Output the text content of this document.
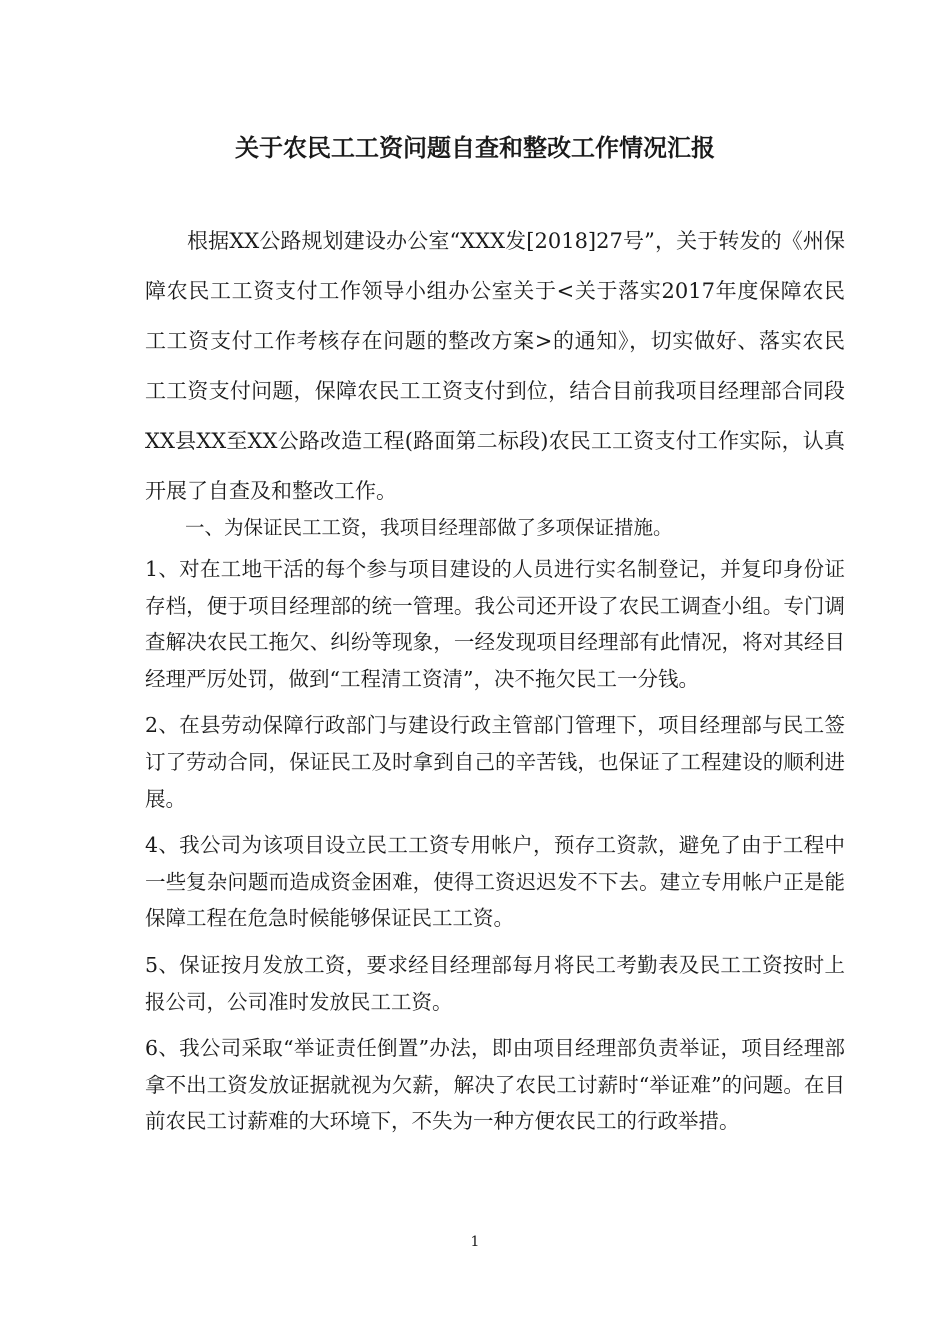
关于农民工工资问题自查和整改工作情况汇报

根据XX公路规划建设办公室“XXX发[2018]27号”，关于转发的《州保障农民工工资支付工作领导小组办公室关于<关于落实2017年度保障农民工工资支付工作考核存在问题的整改方案>的通知》，切实做好、落实农民工工资支付问题，保障农民工工资支付到位，结合目前我项目经理部合同段XX县XX至XX公路改造工程(路面第二标段)农民工工资支付工作实际，认真开展了自查及和整改工作。

一、为保证民工工资，我项目经理部做了多项保证措施。

1、对在工地干活的每个参与项目建设的人员进行实名制登记，并复印身份证存档，便于项目经理部的统一管理。我公司还开设了农民工调查小组。专门调查解决农民工拖欠、纠纷等现象，一经发现项目经理部有此情况，将对其经目经理严厉处罚，做到“工程清工资清”，决不拖欠民工一分钱。

2、在县劳动保障行政部门与建设行政主管部门管理下，项目经理部与民工签订了劳动合同，保证民工及时拿到自己的辛苦钱，也保证了工程建设的顺利进展。

4、我公司为该项目设立民工工资专用帐户，预存工资款，避免了由于工程中一些复杂问题而造成资金困难，使得工资迟迟发不下去。建立专用帐户正是能保障工程在危急时候能够保证民工工资。

5、保证按月发放工资，要求经目经理部每月将民工考勤表及民工工资按时上报公司，公司准时发放民工工资。

6、我公司采取“举证责任倒置”办法，即由项目经理部负责举证，项目经理部拿不出工资发放证据就视为欠薪，解决了农民工讨薪时“举证难”的问题。在目前农民工讨薪难的大环境下，不失为一种方便农民工的行政举措。

1
